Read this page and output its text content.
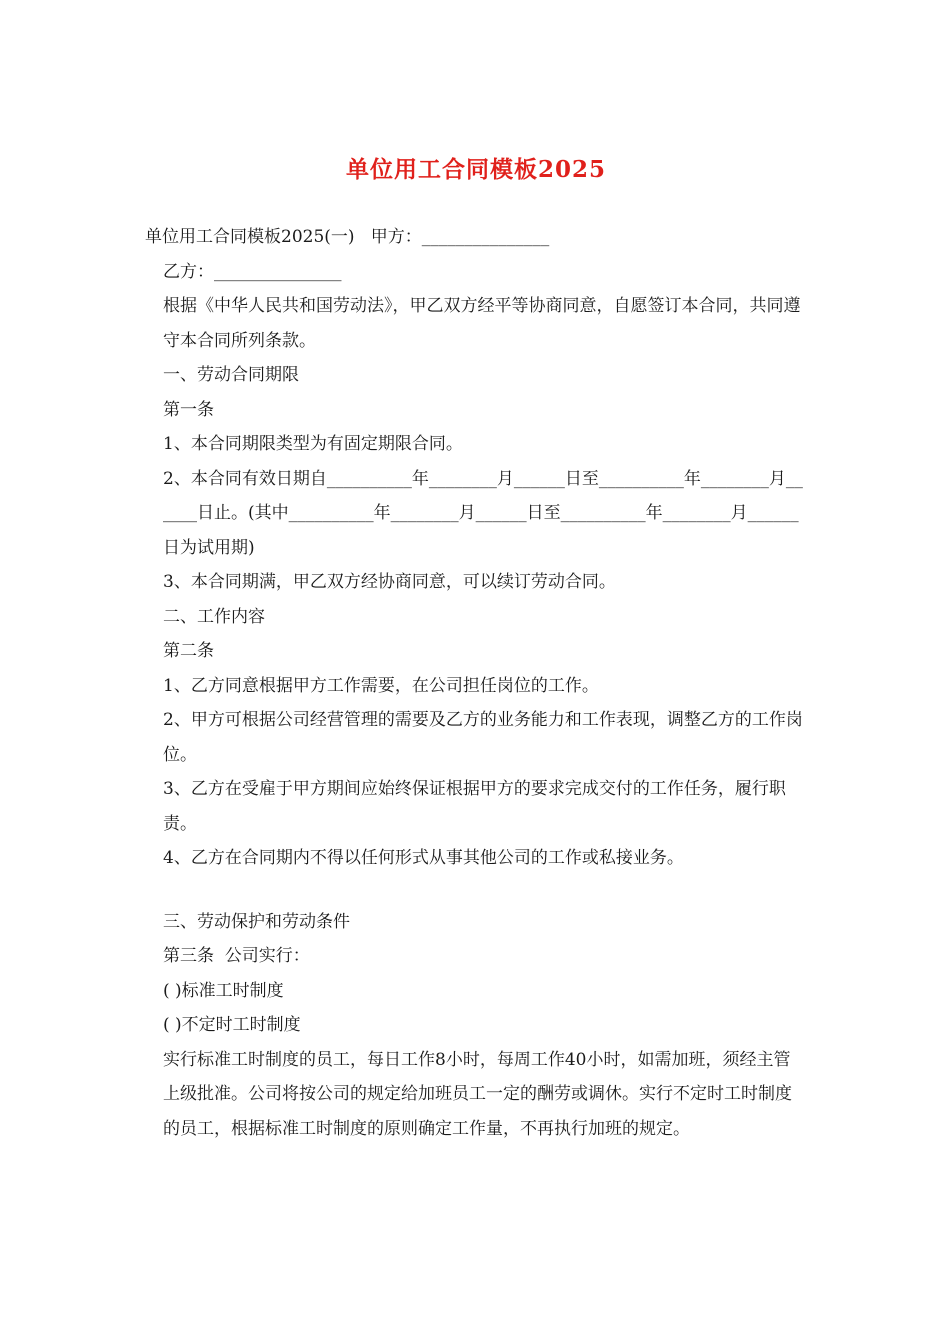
单位用工合同模板2025

单位用工合同模板2025(一)   甲方：_______________

乙方：_______________

根据《中华人民共和国劳动法》，甲乙双方经平等协商同意，自愿签订本合同，共同遵守本合同所列条款。

一、劳动合同期限

第一条

1、本合同期限类型为有固定期限合同。

2、本合同有效日期自__________年________月______日至__________年________月______日止。(其中__________年________月______日至__________年________月______日为试用期)

3、本合同期满，甲乙双方经协商同意，可以续订劳动合同。

二、工作内容

第二条

1、乙方同意根据甲方工作需要，在公司担任岗位的工作。

2、甲方可根据公司经营管理的需要及乙方的业务能力和工作表现，调整乙方的工作岗位。

3、乙方在受雇于甲方期间应始终保证根据甲方的要求完成交付的工作任务，履行职责。

4、乙方在合同期内不得以任何形式从事其他公司的工作或私接业务。

三、劳动保护和劳动条件

第三条  公司实行：

( )标准工时制度

( )不定时工时制度

实行标准工时制度的员工，每日工作8小时，每周工作40小时，如需加班，须经主管上级批准。公司将按公司的规定给加班员工一定的酬劳或调休。实行不定时工时制度的员工，根据标准工时制度的原则确定工作量，不再执行加班的规定。
